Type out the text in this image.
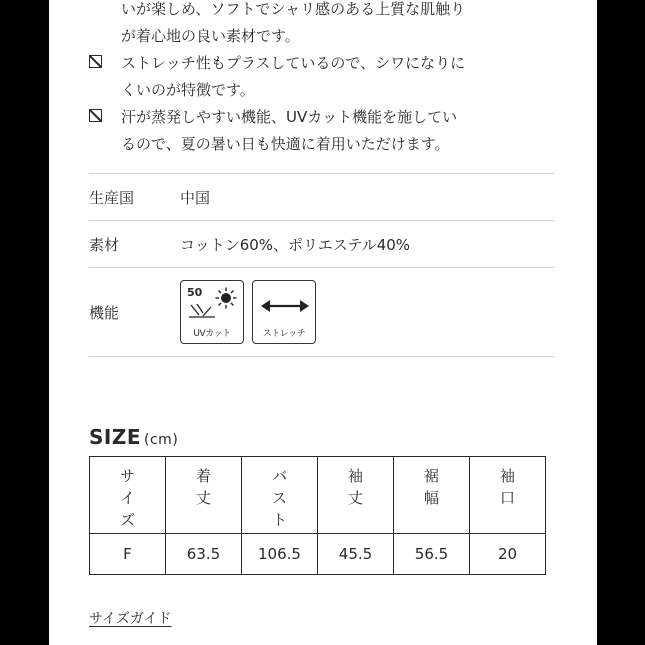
いが楽しめ、ソフトでシャリ感のある上質な肌触り
が着心地の良い素材です。
ストレッチ性もプラスしているので、シワになりに
くいのが特徴です。
汗が蒸発しやすい機能、UVカット機能を施してい
るので、夏の暑い日も快適に着用いただけます。
生産国	中国
素材	コットン60%、ポリエステル40%
機能
50
UVカット	ストレッチ
SIZE (cm)
サイズ	着丈	バスト	袖丈	裾幅	袖口
F	63.5	106.5	45.5	56.5	20
サイズガイド
